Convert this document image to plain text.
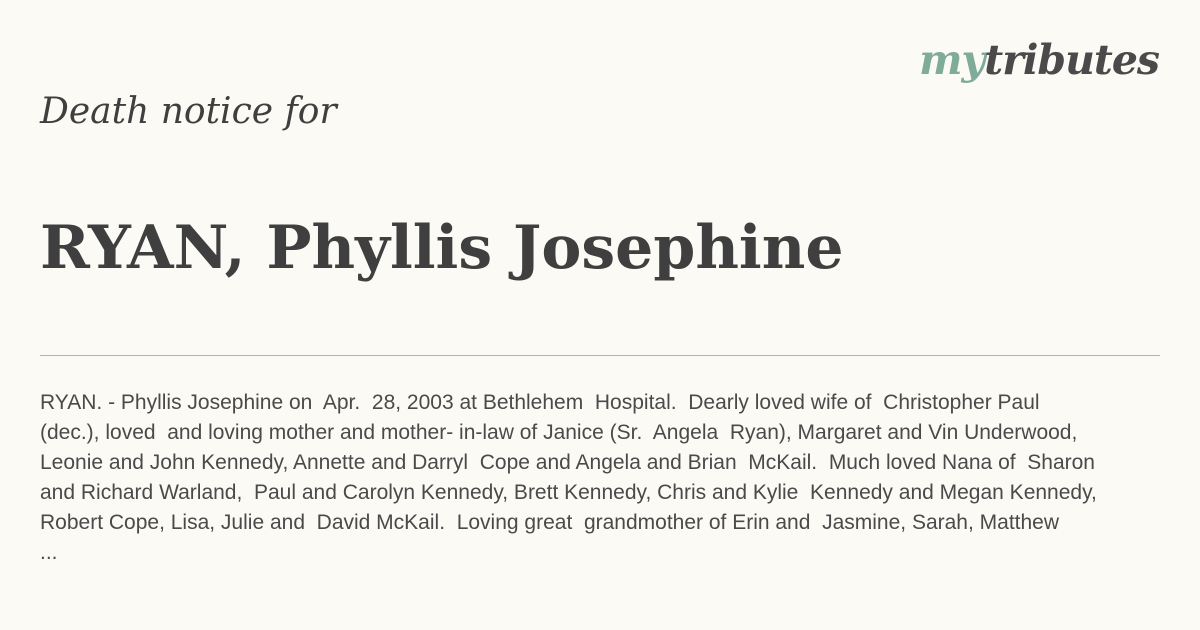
mytributes
Death notice for
RYAN, Phyllis Josephine
RYAN. - Phyllis Josephine on  Apr.  28, 2003 at Bethlehem  Hospital.  Dearly loved wife of  Christopher Paul
(dec.), loved  and loving mother and mother- in-law of Janice (Sr.  Angela  Ryan), Margaret and Vin Underwood,
Leonie and John Kennedy, Annette and Darryl  Cope and Angela and Brian  McKail.  Much loved Nana of  Sharon
and Richard Warland,  Paul and Carolyn Kennedy, Brett Kennedy, Chris and Kylie  Kennedy and Megan Kennedy,
Robert Cope, Lisa, Julie and  David McKail.  Loving great  grandmother of Erin and  Jasmine, Sarah, Matthew
...
